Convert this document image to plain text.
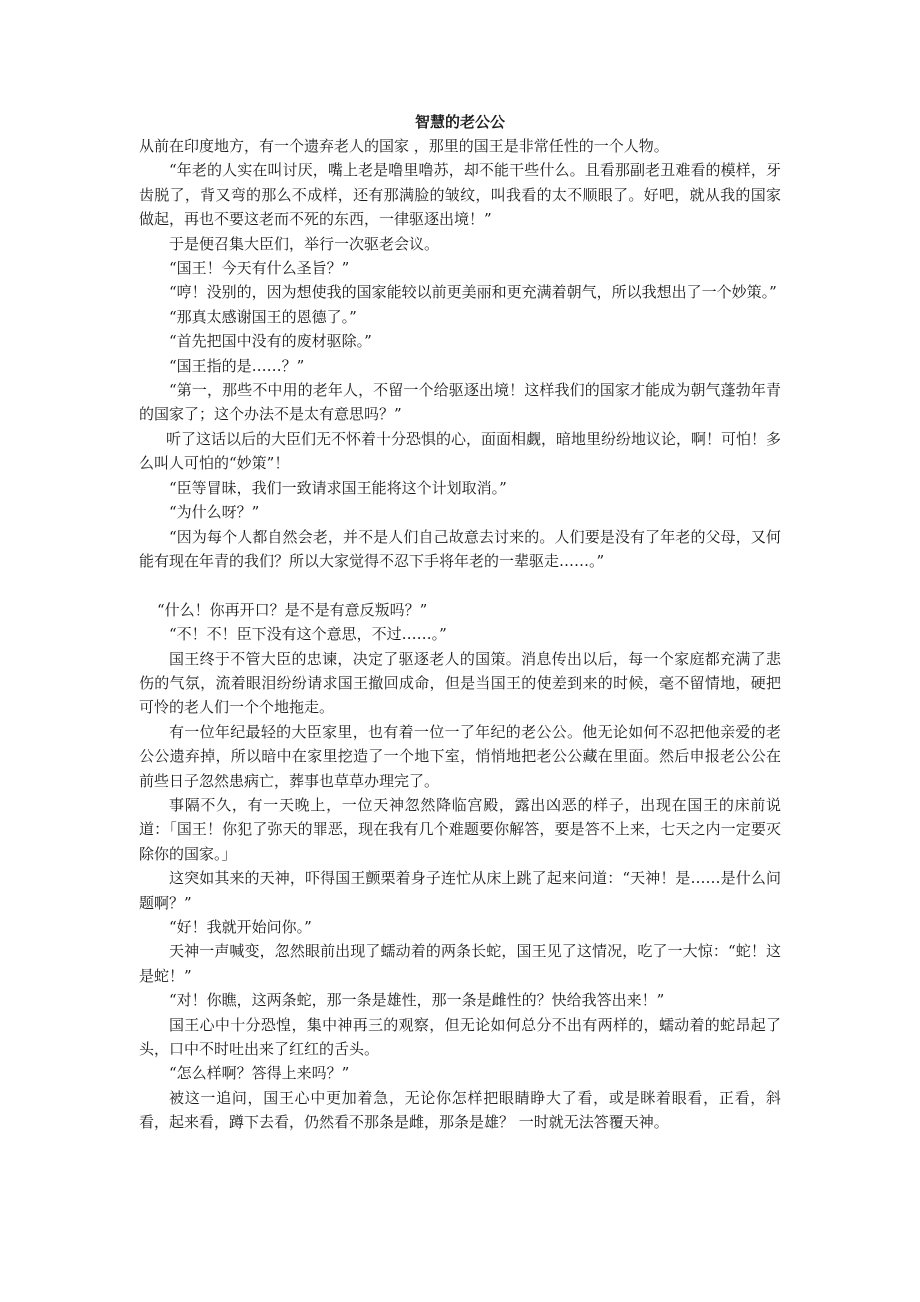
智慧的老公公

从前在印度地方，有一个遗弃老人的国家 ，那里的国王是非常任性的一个人物。

“年老的人实在叫讨厌，嘴上老是噜里噜苏，却不能干些什么。且看那副老丑难看的模样，牙齿脱了，背又弯的那么不成样，还有那满脸的皱纹，叫我看的太不顺眼了。好吧，就从我的国家做起，再也不要这老而不死的东西，一律驱逐出境！”

于是便召集大臣们，举行一次驱老会议。

“国王！今天有什么圣旨？”

“哼！没别的，因为想使我的国家能较以前更美丽和更充满着朝气，所以我想出了一个妙策。”

“那真太感谢国王的恩德了。”

“首先把国中没有的废材驱除。”

“国王指的是……？”

“第一，那些不中用的老年人，不留一个给驱逐出境！这样我们的国家才能成为朝气蓬勃年青的国家了；这个办法不是太有意思吗？”

听了这话以后的大臣们无不怀着十分恐惧的心，面面相觑，暗地里纷纷地议论，啊！可怕！多么叫人可怕的“妙策”！

“臣等冒昧，我们一致请求国王能将这个计划取消。”

“为什么呀？”

“因为每个人都自然会老，并不是人们自己故意去讨来的。人们要是没有了年老的父母，又何能有现在年青的我们？所以大家觉得不忍下手将年老的一辈驱走……。”

“什么！你再开口？是不是有意反叛吗？”

“不！不！臣下没有这个意思，不过……。”

国王终于不管大臣的忠谏，决定了驱逐老人的国策。消息传出以后，每一个家庭都充满了悲伤的气氛，流着眼泪纷纷请求国王撤回成命，但是当国王的使差到来的时候，毫不留情地，硬把可怜的老人们一个个地拖走。

有一位年纪最轻的大臣家里，也有着一位一了年纪的老公公。他无论如何不忍把他亲爱的老公公遗弃掉，所以暗中在家里挖造了一个地下室，悄悄地把老公公藏在里面。然后申报老公公在前些日子忽然患病亡，葬事也草草办理完了。

事隔不久，有一天晚上，一位天神忽然降临宫殿，露出凶恶的样子，出现在国王的床前说道：「国王！你犯了弥天的罪恶，现在我有几个难题要你解答，要是答不上来，七天之内一定要灭除你的国家。」

这突如其来的天神，吓得国王颤栗着身子连忙从床上跳了起来问道：“天神！是……是什么问题啊？”

“好！我就开始问你。”

天神一声喊变，忽然眼前出现了蠕动着的两条长蛇，国王见了这情况，吃了一大惊：“蛇！这是蛇！”

“对！你瞧，这两条蛇，那一条是雄性，那一条是雌性的？快给我答出来！”

国王心中十分恐惶，集中神再三的观察，但无论如何总分不出有两样的，蠕动着的蛇昂起了头，口中不时吐出来了红红的舌头。

“怎么样啊？答得上来吗？”

被这一追问，国王心中更加着急，无论你怎样把眼睛睁大了看，或是眯着眼看，正看，斜看，起来看，蹲下去看，仍然看不那条是雌，那条是雄？ 一时就无法答覆天神。
